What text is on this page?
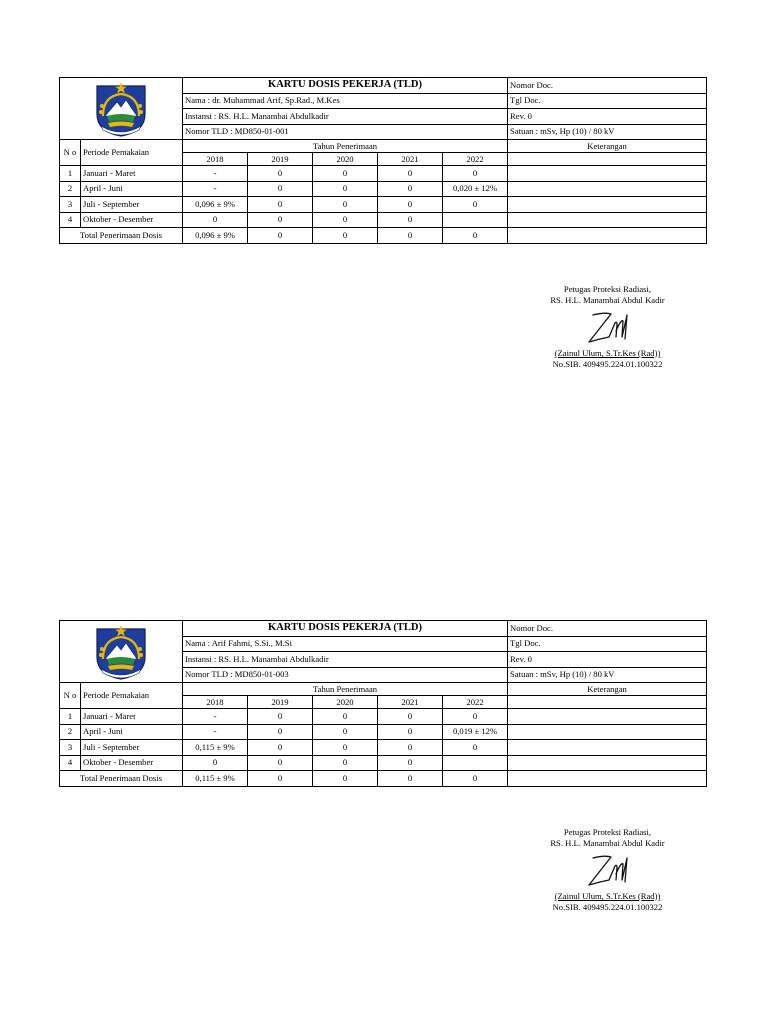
	KARTU DOSIS PEKERJA (TLD)					Nomor Doc.
		Nama : dr. Muhammad Arif, Sp.Rad., M.Kes					Tgl Doc.
		Instansi : RS. H.L. Manambai Abdulkadir					Rev. 0
		Nomor TLD : MD850-01-001					Satuan : mSv, Hp (10) / 80 kV
N o	Periode Pemakaian	Tahun Penerimaan					Keterangan
		2018	2019	2020	2021	2022	
1	Januari - Maret	-	0	0	0	0	
2	April - Juni	-	0	0	0	0,020 ± 12%	
3	Juli - September	0,096 ± 9%	0	0	0	0	
4	Oktober - Desember	0	0	0	0		
Total Penerimaan Dosis		0,096 ± 9%	0	0	0	0	
Petugas Proteksi Radiasi,
RS. H.L. Manambai Abdul Kadir
(Zainul Ulum, S.Tr.Kes (Rad))
No.SIB. 409495.224.01.100322
	KARTU DOSIS PEKERJA (TLD)					Nomor Doc.
		Nama : Arif Fahmi, S.Si., M.Si					Tgl Doc.
		Instansi : RS. H.L. Manambai Abdulkadir					Rev. 0
		Nomor TLD : MD850-01-003					Satuan : mSv, Hp (10) / 80 kV
N o	Periode Pemakaian	Tahun Penerimaan					Keterangan
		2018	2019	2020	2021	2022	
1	Januari - Maret	-	0	0	0	0	
2	April - Juni	-	0	0	0	0,019 ± 12%	
3	Juli - September	0,115 ± 9%	0	0	0	0	
4	Oktober - Desember	0	0	0	0		
Total Penerimaan Dosis		0,115 ± 9%	0	0	0	0	
Petugas Proteksi Radiasi,
RS. H.L. Manambai Abdul Kadir
(Zainul Ulum, S.Tr.Kes (Rad))
No.SIB. 409495.224.01.100322
